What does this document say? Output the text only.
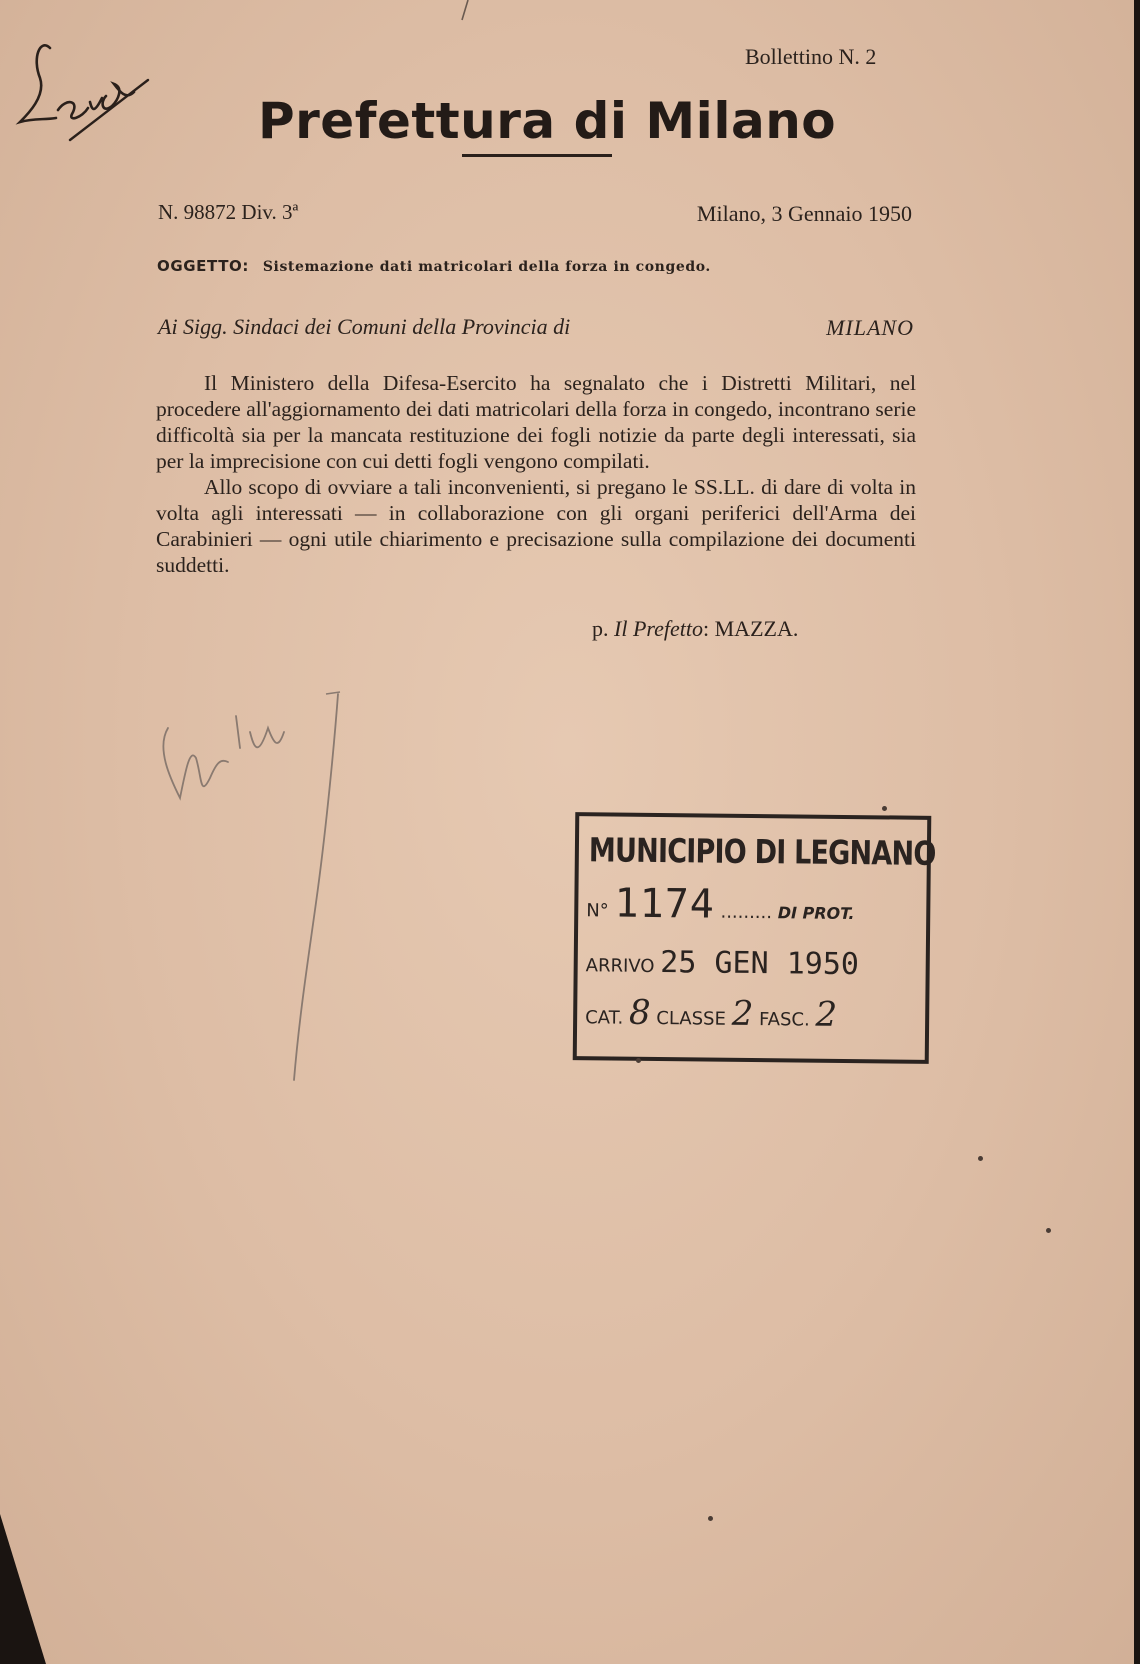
Bollettino N. 2
Prefettura di Milano
N. 98872 Div. 3ª	Milano, 3 Gennaio 1950
OGGETTO: Sistemazione dati matricolari della forza in congedo.
Ai Sigg. Sindaci dei Comuni della Provincia di	MILANO

Il Ministero della Difesa-Esercito ha segnalato che i Distretti Militari, nel procedere all'aggiornamento dei dati matricolari della forza in congedo, incontrano serie difficoltà sia per la mancata restituzione dei fogli notizie da parte degli interessati, sia per la imprecisione con cui detti fogli vengono compilati.

Allo scopo di ovviare a tali inconvenienti, si pregano le SS.LL. di dare di volta in volta agli interessati — in collaborazione con gli organi periferici dell'Arma dei Carabinieri — ogni utile chiarimento e precisazione sulla compilazione dei documenti suddetti.

p. Il Prefetto: MAZZA.
MUNICIPIO DI LEGNANO
N° 1174 ......... DI PROT.
ARRIVO 25 GEN 1950
CAT. 8 CLASSE 2 FASC. 2
